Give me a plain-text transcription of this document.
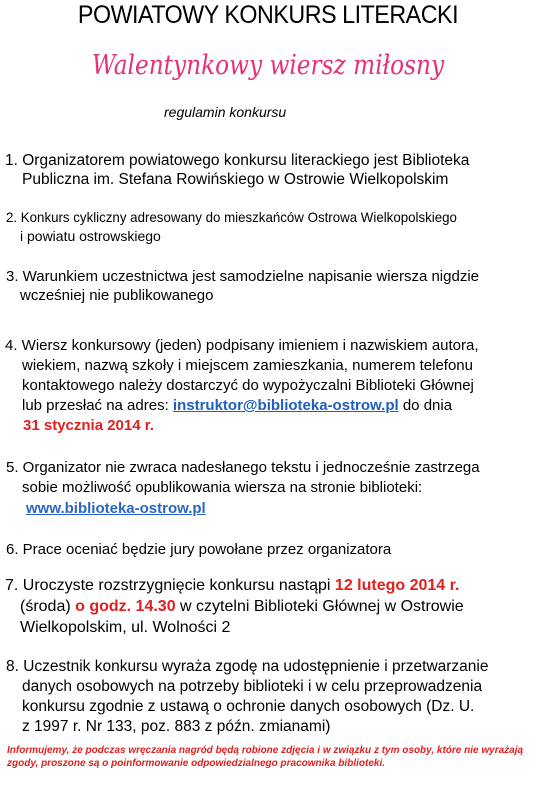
POWIATOWY KONKURS LITERACKI
Walentynkowy wiersz miłosny
regulamin konkursu
1. Organizatorem powiatowego konkursu literackiego jest Biblioteka
Publiczna im. Stefana Rowińskiego w Ostrowie Wielkopolskim
2. Konkurs cykliczny adresowany do mieszkańców Ostrowa Wielkopolskiego
i powiatu ostrowskiego
3. Warunkiem uczestnictwa jest samodzielne napisanie wiersza nigdzie
wcześniej nie publikowanego
4. Wiersz konkursowy (jeden) podpisany imieniem i nazwiskiem autora,
wiekiem, nazwą szkoły i miejscem zamieszkania, numerem telefonu
kontaktowego należy dostarczyć do wypożyczalni Biblioteki Głównej
lub przesłać na adres: instruktor@biblioteka-ostrow.pl do dnia
31 stycznia 2014 r.
5. Organizator nie zwraca nadesłanego tekstu i jednocześnie zastrzega
sobie możliwość opublikowania wiersza na stronie biblioteki:
www.biblioteka-ostrow.pl
6. Prace oceniać będzie jury powołane przez organizatora
7. Uroczyste rozstrzygnięcie konkursu nastąpi 12 lutego 2014 r.
(środa) o godz. 14.30 w czytelni Biblioteki Głównej w Ostrowie
Wielkopolskim, ul. Wolności 2
8. Uczestnik konkursu wyraża zgodę na udostępnienie i przetwarzanie
danych osobowych na potrzeby biblioteki i w celu przeprowadzenia
konkursu zgodnie z ustawą o ochronie danych osobowych (Dz. U.
z 1997 r. Nr 133, poz. 883 z późn. zmianami)
Informujemy, że podczas wręczania nagród będą robione zdjęcia i w związku z tym osoby, które nie wyrażają zgody, proszone są o poinformowanie odpowiedzialnego pracownika biblioteki.
